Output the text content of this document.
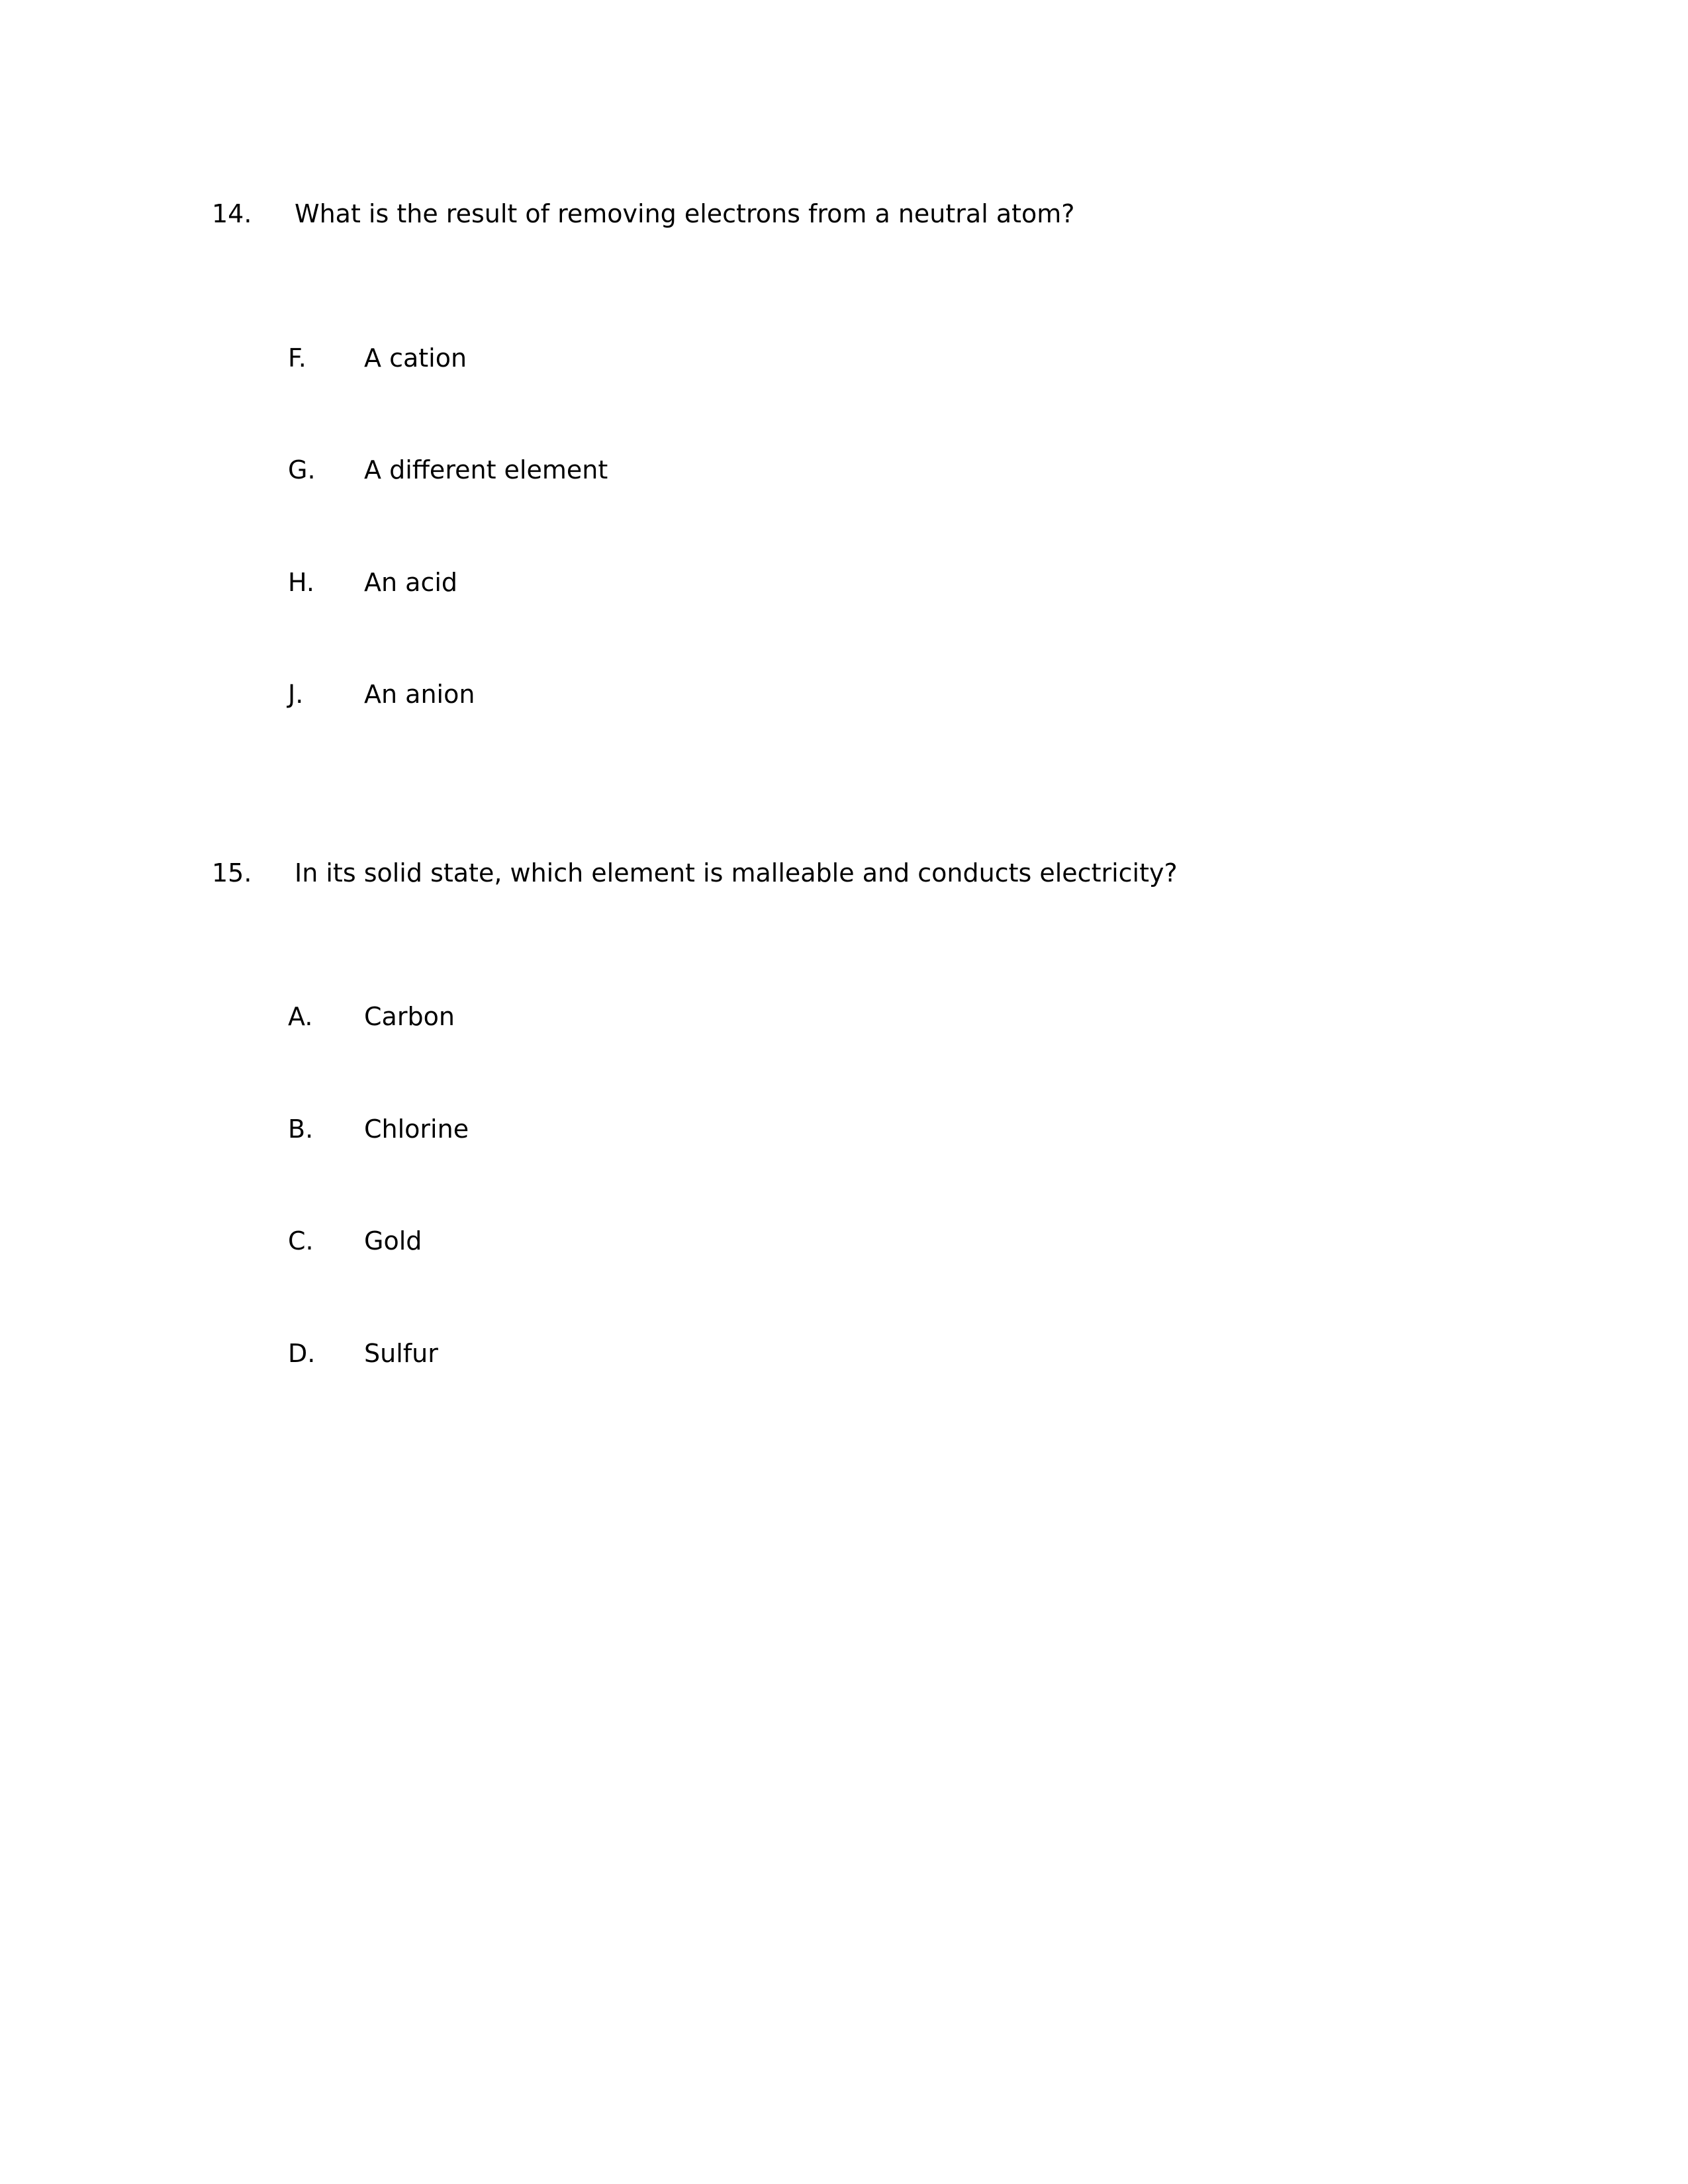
14.	What is the result of removing electrons from a neutral atom?
F.	A cation
G.	A different element
H.	An acid
J.	An anion
15.	In its solid state, which element is malleable and conducts electricity?
A.	Carbon
B.	Chlorine
C.	Gold
D.	Sulfur
